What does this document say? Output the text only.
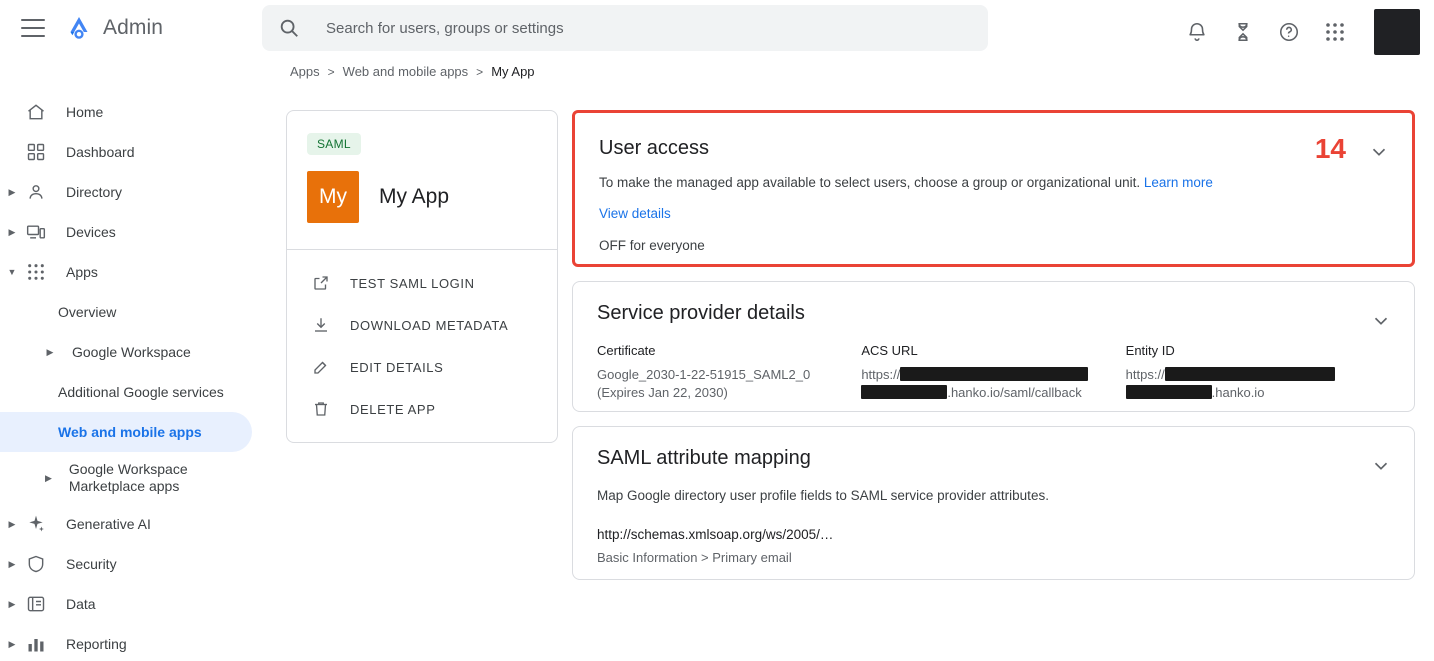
Admin
Search for users, groups or settings
Apps > Web and mobile apps > My App
Home
Dashboard
▶	Directory
▶	Devices
▼	Apps
Overview
▶ Google Workspace
Additional Google services
Web and mobile apps
▶
Google Workspace Marketplace apps
▶	Generative AI
▶	Security
▶	Data
▶	Reporting
SAML
My	My App
TEST SAML LOGIN
DOWNLOAD METADATA
EDIT DETAILS
DELETE APP
User access	14
To make the managed app available to select users, choose a group or organizational unit. Learn more
View details
OFF for everyone
Service provider details
Certificate
Google_2030-1-22-51915_SAML2_0
(Expires Jan 22, 2030)
ACS URL
https://
.hanko.io/saml/callback
Entity ID
https://
.hanko.io
SAML attribute mapping
Map Google directory user profile fields to SAML service provider attributes.
http://schemas.xmlsoap.org/ws/2005/…
Basic Information > Primary email
